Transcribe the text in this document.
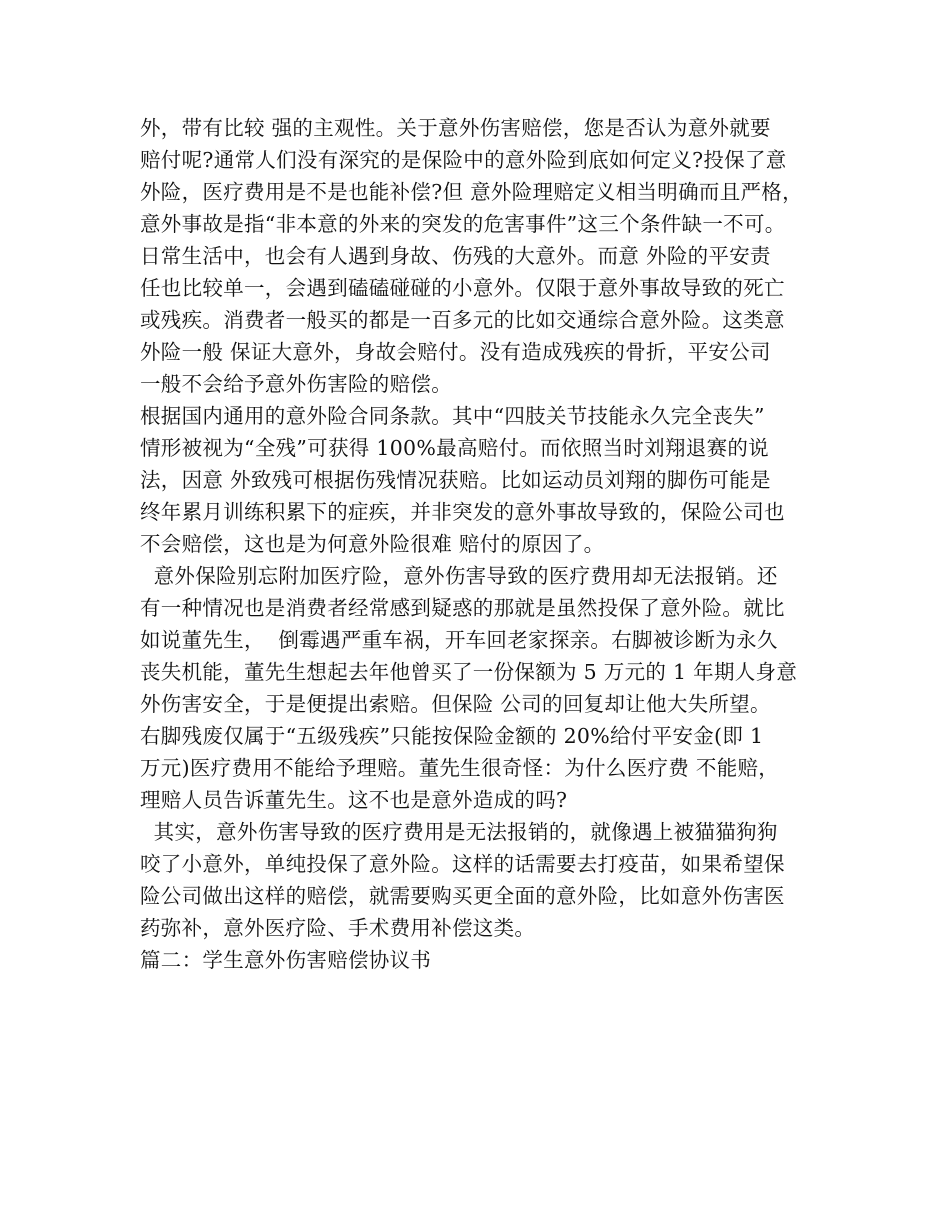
外，带有比较 强的主观性。关于意外伤害赔偿，您是否认为意外就要
赔付呢?通常人们没有深究的是保险中的意外险到底如何定义?投保了意
外险，医疗费用是不是也能补偿?但 意外险理赔定义相当明确而且严格，
意外事故是指“非本意的外来的突发的危害事件”这三个条件缺一不可。
日常生活中，也会有人遇到身故、伤残的大意外。而意 外险的平安责
任也比较单一，会遇到磕磕碰碰的小意外。仅限于意外事故导致的死亡
或残疾。消费者一般买的都是一百多元的比如交通综合意外险。这类意
外险一般 保证大意外，身故会赔付。没有造成残疾的骨折，平安公司
一般不会给予意外伤害险的赔偿。
根据国内通用的意外险合同条款。其中“四肢关节技能永久完全丧失”
情形被视为“全残”可获得 100%最高赔付。而依照当时刘翔退赛的说
法，因意 外致残可根据伤残情况获赔。比如运动员刘翔的脚伤可能是
终年累月训练积累下的症疾，并非突发的意外事故导致的，保险公司也
不会赔偿，这也是为何意外险很难 赔付的原因了。
意外保险别忘附加医疗险，意外伤害导致的医疗费用却无法报销。还
有一种情况也是消费者经常感到疑惑的那就是虽然投保了意外险。就比
如说董先生，  倒霉遇严重车祸，开车回老家探亲。右脚被诊断为永久
丧失机能，董先生想起去年他曾买了一份保额为 5 万元的 1 年期人身意
外伤害安全，于是便提出索赔。但保险 公司的回复却让他大失所望。
右脚残废仅属于“五级残疾”只能按保险金额的 20%给付平安金(即 1
万元)医疗费用不能给予理赔。董先生很奇怪：为什么医疗费 不能赔，
理赔人员告诉董先生。这不也是意外造成的吗?
其实，意外伤害导致的医疗费用是无法报销的，就像遇上被猫猫狗狗
咬了小意外，单纯投保了意外险。这样的话需要去打疫苗，如果希望保
险公司做出这样的赔偿，就需要购买更全面的意外险，比如意外伤害医
药弥补，意外医疗险、手术费用补偿这类。
篇二：学生意外伤害赔偿协议书
